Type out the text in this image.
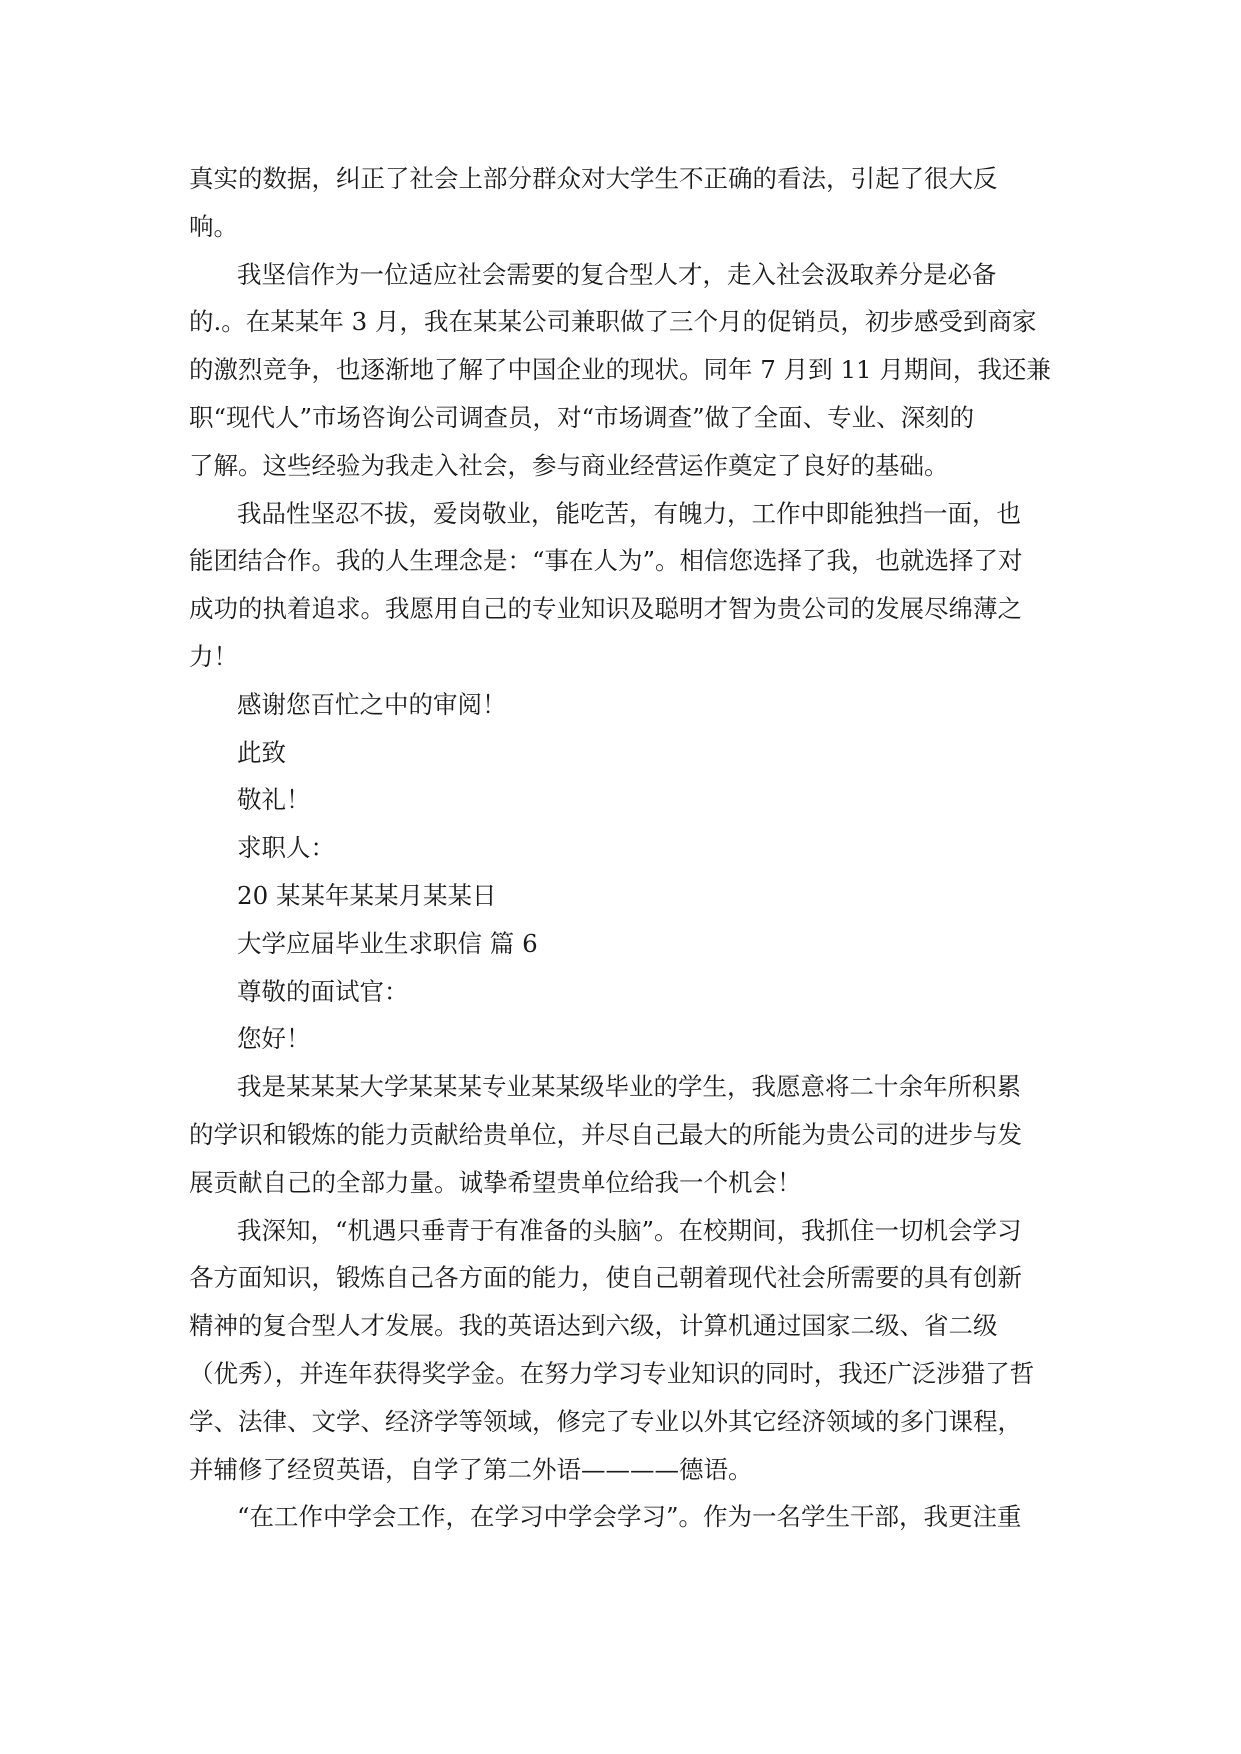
真实的数据，纠正了社会上部分群众对大学生不正确的看法，引起了很大反

响。

我坚信作为一位适应社会需要的复合型人才，走入社会汲取养分是必备

的.。在某某年 3 月，我在某某公司兼职做了三个月的促销员，初步感受到商家

的激烈竞争，也逐渐地了解了中国企业的现状。同年 7 月到 11 月期间，我还兼

职“现代人”市场咨询公司调查员，对“市场调查”做了全面、专业、深刻的

了解。这些经验为我走入社会，参与商业经营运作奠定了良好的基础。

我品性坚忍不拔，爱岗敬业，能吃苦，有魄力，工作中即能独挡一面，也

能团结合作。我的人生理念是：“事在人为”。相信您选择了我，也就选择了对

成功的执着追求。我愿用自己的专业知识及聪明才智为贵公司的发展尽绵薄之

力！

感谢您百忙之中的审阅！

此致

敬礼！

求职人：

20 某某年某某月某某日

大学应届毕业生求职信 篇 6

尊敬的面试官：

您好！

我是某某某大学某某某专业某某级毕业的学生，我愿意将二十余年所积累

的学识和锻炼的能力贡献给贵单位，并尽自己最大的所能为贵公司的进步与发

展贡献自己的全部力量。诚挚希望贵单位给我一个机会！

我深知，“机遇只垂青于有准备的头脑”。在校期间，我抓住一切机会学习

各方面知识，锻炼自己各方面的能力，使自己朝着现代社会所需要的具有创新

精神的复合型人才发展。我的英语达到六级，计算机通过国家二级、省二级

（优秀），并连年获得奖学金。在努力学习专业知识的同时，我还广泛涉猎了哲

学、法律、文学、经济学等领域，修完了专业以外其它经济领域的多门课程，

并辅修了经贸英语，自学了第二外语————德语。

“在工作中学会工作，在学习中学会学习”。作为一名学生干部，我更注重
